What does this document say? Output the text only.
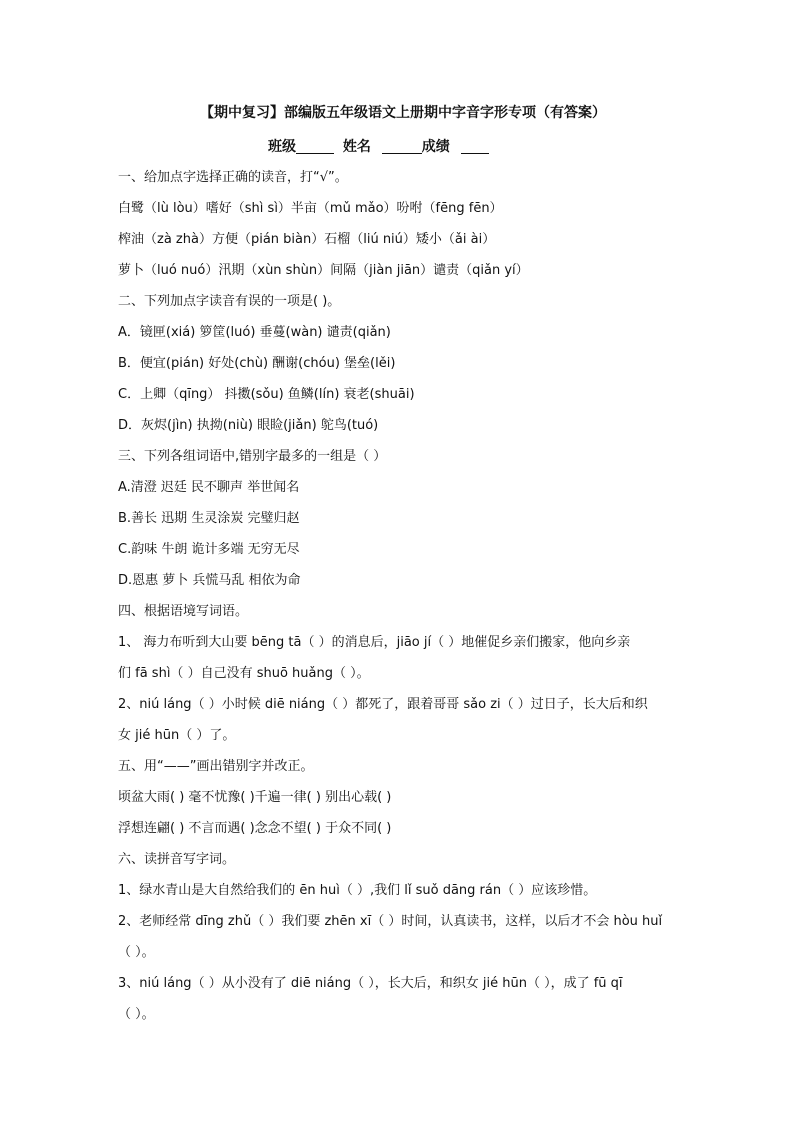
【期中复习】部编版五年级语文上册期中字音字形专项（有答案）
班级	姓名	成绩
一、给加点字选择正确的读音，打“√”。
白鹭（lù lòu）嗜好（shì sì）半亩（mǔ mǎo）吩咐（fēng fēn）
榨油（zà zhà）方便（pián biàn）石榴（liú niú）矮小（ǎi ài）
萝卜（luó nuó）汛期（xùn shùn）间隔（jiàn jiān）谴责（qiǎn yí）
二、下列加点字读音有误的一项是( )。
A．镜匣(xiá) 箩筐(luó) 垂蔓(wàn) 谴责(qiǎn)
B．便宜(pián) 好处(chù) 酬谢(chóu) 堡垒(lěi)
C．上卿（qīng） 抖擞(sǒu) 鱼鳞(lín) 衰老(shuāi)
D．灰烬(jìn) 执拗(niù) 眼睑(jiǎn) 鸵鸟(tuó)
三、下列各组词语中,错别字最多的一组是（ ）
A.清澄 迟廷 民不聊声 举世闻名
B.善长 迅期 生灵涂炭 完璧归赵
C.韵味 牛朗 诡计多端 无穷无尽
D.恩惠 萝卜 兵慌马乱 相依为命
四、根据语境写词语。
1、 海力布听到大山要 bēng tā（ ）的消息后，jiāo jí（ ）地催促乡亲们搬家，他向乡亲
们 fā shì（ ）自己没有 shuō huǎng（ ）。
2、niú láng（ ）小时候 diē niáng（ ）都死了，跟着哥哥 sǎo zi（ ）过日子，长大后和织
女 jié hūn（ ）了。
五、用“——”画出错别字并改正。
顷盆大雨( ) 毫不忧豫( )千遍一律( ) 别出心载( )
浮想连翩( ) 不言而遇( )念念不望( ) 于众不同( )
六、读拼音写字词。
1、绿水青山是大自然给我们的 ēn huì（ ）,我们 lǐ suǒ dāng rán（ ）应该珍惜。
2、老师经常 dīng zhǔ（ ）我们要 zhēn xī（ ）时间，认真读书，这样，以后才不会 hòu huǐ
（ ）。
3、niú láng（ ）从小没有了 diē niáng（ ），长大后，和织女 jié hūn（ ），成了 fū qī
（ ）。
